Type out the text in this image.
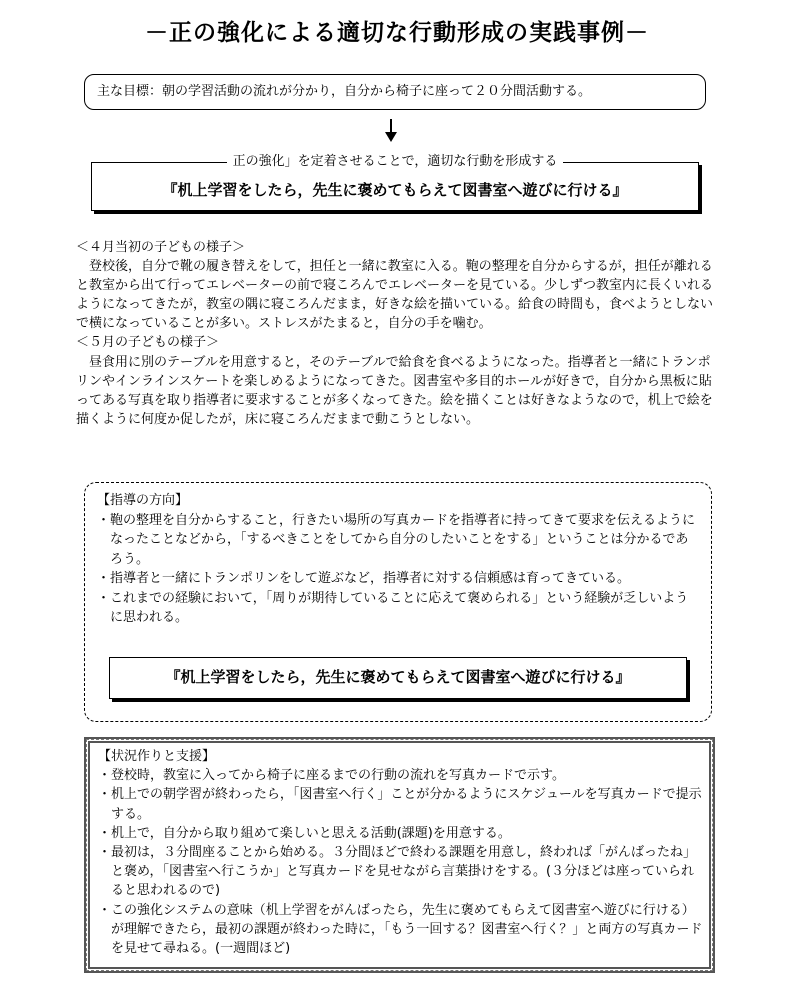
－正の強化による適切な行動形成の実践事例－
主な目標：朝の学習活動の流れが分かり，自分から椅子に座って２０分間活動する。
正の強化」を定着させることで，適切な行動を形成する
『机上学習をしたら，先生に褒めてもらえて図書室へ遊びに行ける』

＜４月当初の子どもの様子＞

登校後，自分で靴の履き替えをして，担任と一緒に教室に入る。鞄の整理を自分からするが，担任が離れると教室から出て行ってエレベーターの前で寝ころんでエレベーターを見ている。少しずつ教室内に長くいれるようになってきたが，教室の隅に寝ころんだまま，好きな絵を描いている。給食の時間も，食べようとしないで横になっていることが多い。ストレスがたまると，自分の手を噛む。

＜５月の子どもの様子＞

昼食用に別のテーブルを用意すると，そのテーブルで給食を食べるようになった。指導者と一緒にトランポリンやインラインスケートを楽しめるようになってきた。図書室や多目的ホールが好きで，自分から黒板に貼ってある写真を取り指導者に要求することが多くなってきた。絵を描くことは好きなようなので，机上で絵を描くように何度か促したが，床に寝ころんだままで動こうとしない。

【指導の方向】

・鞄の整理を自分からすること，行きたい場所の写真カードを指導者に持ってきて要求を伝えるようになったことなどから，「するべきことをしてから自分のしたいことをする」ということは分かるであろう。
・指導者と一緒にトランポリンをして遊ぶなど，指導者に対する信頼感は育ってきている。
・これまでの経験において，「周りが期待していることに応えて褒められる」という経験が乏しいように思われる。
『机上学習をしたら，先生に褒めてもらえて図書室へ遊びに行ける』

【状況作りと支援】

・登校時，教室に入ってから椅子に座るまでの行動の流れを写真カードで示す。
・机上での朝学習が終わったら，「図書室へ行く」ことが分かるようにスケジュールを写真カードで提示する。
・机上で，自分から取り組めて楽しいと思える活動(課題)を用意する。
・最初は，３分間座ることから始める。３分間ほどで終わる課題を用意し，終われば「がんばったね」と褒め，「図書室へ行こうか」と写真カードを見せながら言葉掛けをする。(３分ほどは座っていられると思われるので)
・この強化システムの意味（机上学習をがんばったら，先生に褒めてもらえて図書室へ遊びに行ける）が理解できたら，最初の課題が終わった時に，「もう一回する？図書室へ行く？」と両方の写真カードを見せて尋ねる。(一週間ほど)
